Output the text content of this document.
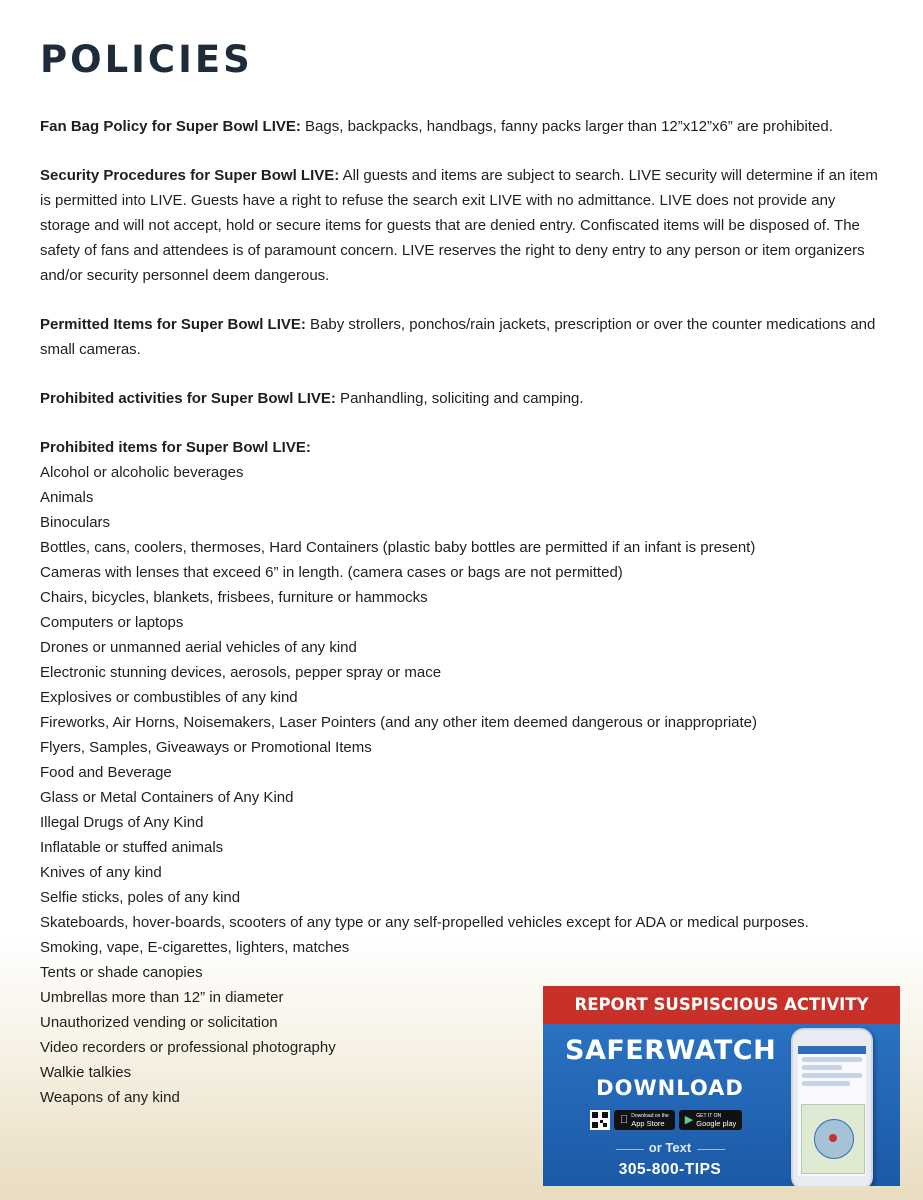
POLICIES

Fan Bag Policy for Super Bowl LIVE: Bags, backpacks, handbags, fanny packs larger than 12”x12”x6” are prohibited.

Security Procedures for Super Bowl LIVE: All guests and items are subject to search. LIVE security will determine if an item is permitted into LIVE. Guests have a right to refuse the search exit LIVE with no admittance. LIVE does not provide any storage and will not accept, hold or secure items for guests that are denied entry. Confiscated items will be disposed of. The safety of fans and attendees is of paramount concern. LIVE reserves the right to deny entry to any person or item organizers and/or security personnel deem dangerous.

Permitted Items for Super Bowl LIVE: Baby strollers, ponchos/rain jackets, prescription or over the counter medications and small cameras.

Prohibited activities for Super Bowl LIVE: Panhandling, soliciting and camping.

Prohibited items for Super Bowl LIVE:
Alcohol or alcoholic beverages
Animals
Binoculars
Bottles, cans, coolers, thermoses, Hard Containers (plastic baby bottles are permitted if an infant is present)
Cameras with lenses that exceed 6” in length. (camera cases or bags are not permitted)
Chairs, bicycles, blankets, frisbees, furniture or hammocks
Computers or laptops
Drones or unmanned aerial vehicles of any kind
Electronic stunning devices, aerosols, pepper spray or mace
Explosives or combustibles of any kind
Fireworks, Air Horns, Noisemakers, Laser Pointers (and any other item deemed dangerous or inappropriate)
Flyers, Samples, Giveaways or Promotional Items
Food and Beverage
Glass or Metal Containers of Any Kind
Illegal Drugs of Any Kind
Inflatable or stuffed animals
Knives of any kind
Selfie sticks, poles of any kind
Skateboards, hover-boards, scooters of any type or any self-propelled vehicles except for ADA or medical purposes.
Smoking, vape, E-cigarettes, lighters, matches
Tents or shade canopies
Umbrellas more than 12” in diameter
Unauthorized vending or solicitation
Video recorders or professional photography
Walkie talkies
Weapons of any kind
REPORT SUSPISCIOUS ACTIVITY
SAFERWATCH
DOWNLOAD
Download on the
App Store	▶ GET IT ON
Google play
——— or Text ———
305-800-TIPS
